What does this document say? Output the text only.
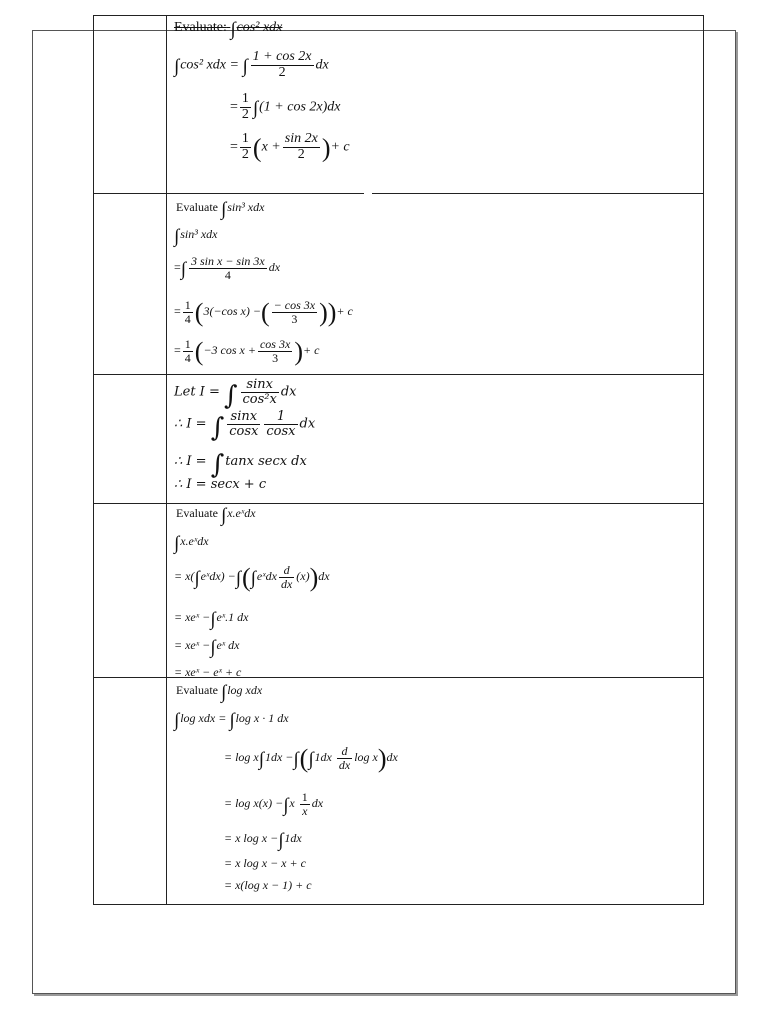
Evaluate: ∫cos² xdx
∫cos² xdx = ∫ $\frac{1 + \cos 2x}{2}$ dx
= $\frac{1}{2} \int(1 + \cos 2x)dx$
= $\frac{1}{2} (x + \frac{\sin 2x}{2}$ )+ c
Evaluate ∫sin³ xdx
∫sin³ xdx
=∫ $\frac{\text{3 sin x − sin 3x}}{4}$ dx
= $\frac{1}{4} (3(-\cos$ x) −( $\frac{- \cos 3x}{3}$ ))+ c
= $\frac{1}{4} (-3$ $\cos x + \frac{\cos 3x}{3}$ )+ c
Let I = ∫ $\frac{\sin x}{\text{cos²x}}$ dx
∴ I = ∫ $\frac{\sin x}{\cos x} \frac{1}{\cos x}$ dx
∴ I = ∫tanx secx dx
∴ I = secx + c
Evaluate ∫x.eˣdx
∫x.eˣdx
= x(∫eˣdx) −∫(∫eˣdx $\frac{d}{dx} (x))dx$
= xeˣ −∫eˣ.1 dx
= xeˣ −∫eˣ dx
= xeˣ − eˣ + c
Evaluate ∫log xdx
∫log xdx = ∫log x · 1 dx
= $\log x\int 1dx -\int(\int 1dx \frac{d}{dx}$ log x)dx
= $\log x(x) -\int x \frac{1}{x}$ dx
= x log x −∫1dx
= x log x − x + c
= x(log x − 1) + c
